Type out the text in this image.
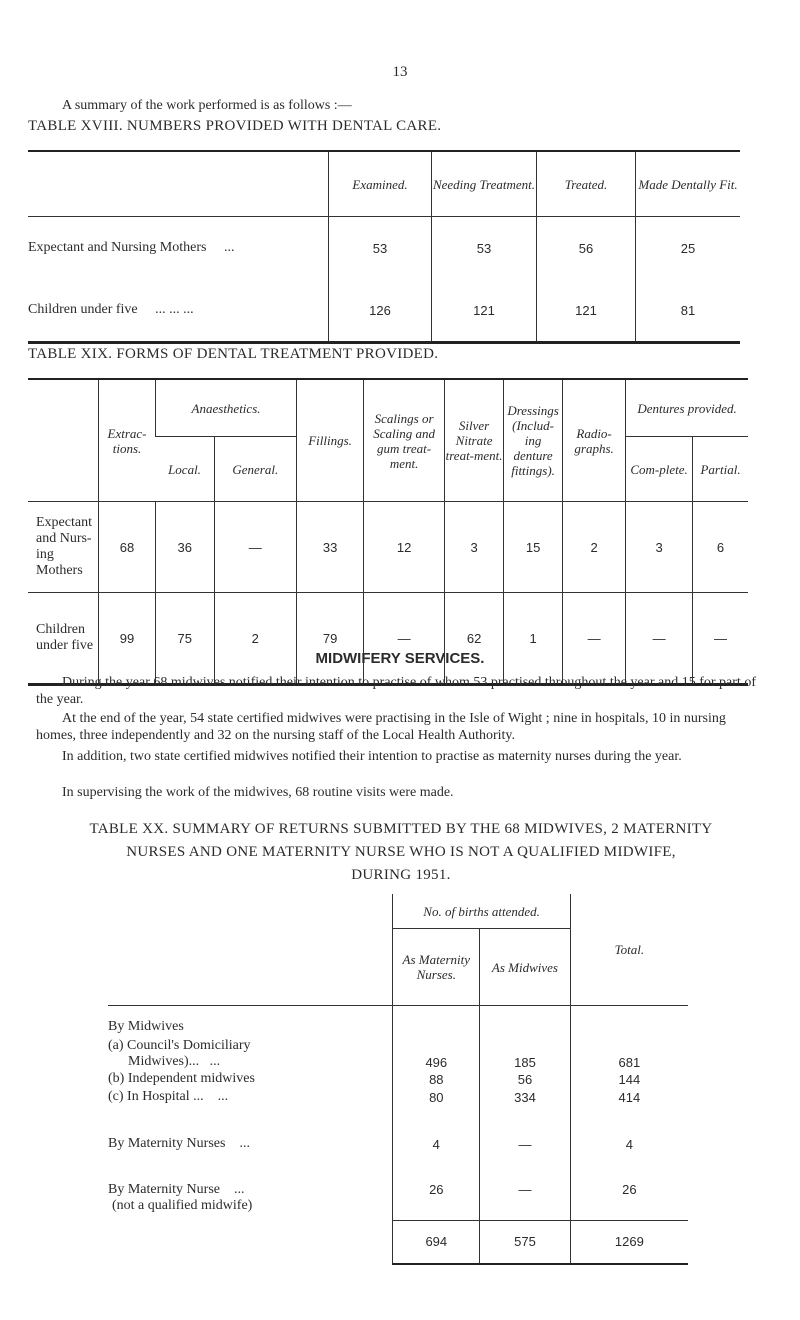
13
A summary of the work performed is as follows :—
TABLE XVIII. NUMBERS PROVIDED WITH DENTAL CARE.
	Examined.	Needing Treatment.	Treated.	Made Dentally Fit.
Expectant and Nursing Mothers ...	53	53	56	25
Children under five ... ... ...	126	121	121	81
TABLE XIX. FORMS OF DENTAL TREATMENT PROVIDED.
	Extrac-tions.	Anaesthetics.		Fillings.	Scalings or Scaling and gum treat-ment.	Silver Nitrate treat-ment.	Dressings (Includ-ing denture fittings).	Radio-graphs.	Dentures provided.	
		Local.	General.						Com-plete.	Partial.
Expectant and Nurs-ing Mothers	68	36	—	33	12	3	15	2	3	6
Children under five	99	75	2	79	—	62	1	—	—	—
MIDWIFERY SERVICES.
TABLE XX. SUMMARY OF RETURNS SUBMITTED BY THE 68 MIDWIVES, 2 MATERNITY
NURSES AND ONE MATERNITY NURSE WHO IS NOT A QUALIFIED MIDWIFE,
DURING 1951.
	No. of births attended.		Total.
	As Maternity Nurses.	As Midwives	
By Midwives			

(a) Council's Domiciliary
Midwives)... ...	496	185	681
(b) Independent midwives	88	56	144
(c) In Hospital ... ...	80	334	414
By Maternity Nurses ...	4	—	4

By Maternity Nurse ...
(not a qualified midwife)	26	—	26
	694	575	1269
During the year 68 midwives notified their intention to practise of whom 53 practised throughout the year and 15 for part of the year.
At the end of the year, 54 state certified midwives were practising in the Isle of Wight ; nine in hospitals, 10 in nursing homes, three independently and 32 on the nursing staff of the Local Health Authority.
In addition, two state certified midwives notified their intention to practise as maternity nurses during the year.
In supervising the work of the midwives, 68 routine visits were made.
